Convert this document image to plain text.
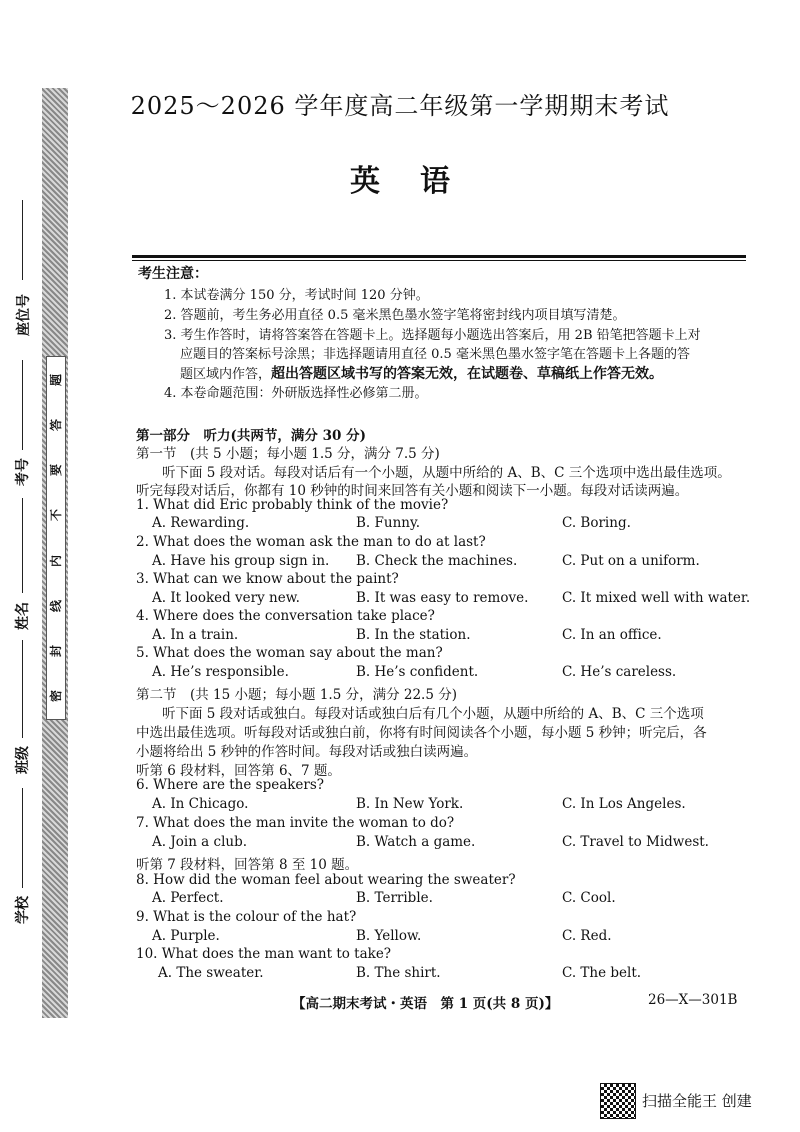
题
答
要
不
内
线
封
密
座位号
考号
姓名
班级
学校
2025～2026 学年度高二年级第一学期期末考试
英语
考生注意：
1. 本试卷满分 150 分，考试时间 120 分钟。
2. 答题前，考生务必用直径 0.5 毫米黑色墨水签字笔将密封线内项目填写清楚。
3. 考生作答时，请将答案答在答题卡上。选择题每小题选出答案后，用 2B 铅笔把答题卡上对
应题目的答案标号涂黑；非选择题请用直径 0.5 毫米黑色墨水签字笔在答题卡上各题的答
题区域内作答，超出答题区域书写的答案无效，在试题卷、草稿纸上作答无效。
4. 本卷命题范围：外研版选择性必修第二册。
第一部分　听力(共两节，满分 30 分)
第一节　(共 5 小题；每小题 1.5 分，满分 7.5 分)
听下面 5 段对话。每段对话后有一个小题，从题中所给的 A、B、C 三个选项中选出最佳选项。
听完每段对话后，你都有 10 秒钟的时间来回答有关小题和阅读下一小题。每段对话读两遍。
1. What did Eric probably think of the movie?
A. Rewarding.	B. Funny.	C. Boring.
2. What does the woman ask the man to do at last?
A. Have his group sign in. B. Check the machines.	C. Put on a uniform.
3. What can we know about the paint?
A. It looked very new.	B. It was easy to remove. C. It mixed well with water.
4. Where does the conversation take place?
A. In a train.	B. In the station.	C. In an office.
5. What does the woman say about the man?
A. He’s responsible.	B. He’s confident.	C. He’s careless.
第二节　(共 15 小题；每小题 1.5 分，满分 22.5 分)
听下面 5 段对话或独白。每段对话或独白后有几个小题，从题中所给的 A、B、C 三个选项
中选出最佳选项。听每段对话或独白前，你将有时间阅读各个小题，每小题 5 秒钟；听完后，各
小题将给出 5 秒钟的作答时间。每段对话或独白读两遍。
听第 6 段材料，回答第 6、7 题。
6. Where are the speakers?
A. In Chicago.	B. In New York.	C. In Los Angeles.
7. What does the man invite the woman to do?
A. Join a club.	B. Watch a game.	C. Travel to Midwest.
听第 7 段材料，回答第 8 至 10 题。
8. How did the woman feel about wearing the sweater?
A. Perfect.	B. Terrible.	C. Cool.
9. What is the colour of the hat?
A. Purple.	B. Yellow.	C. Red.
10. What does the man want to take?
A. The sweater.	B. The shirt.	C. The belt.
【高二期末考试・英语　第 1 页(共 8 页)】	26—X—301B
扫描全能王 创建
